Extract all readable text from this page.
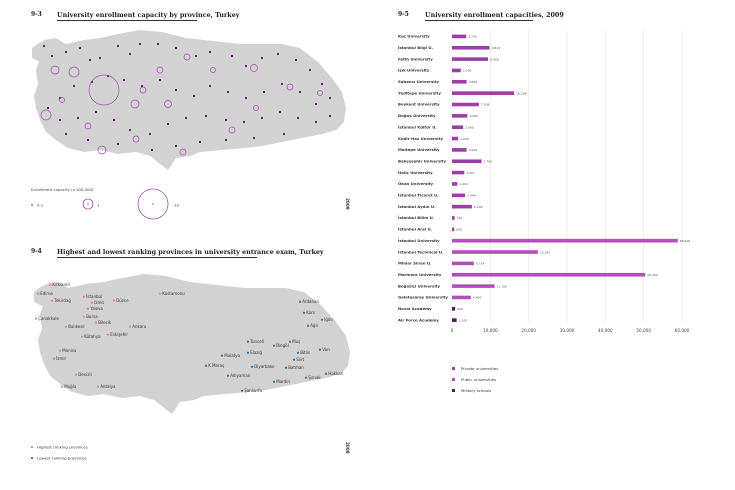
9-3 University enrollment capacity by province, Turkey
9-4 Highest and lowest ranking provinces in university entrance exam, Turkey
9-5	University enrollment capacities, 2009
Enrollment capacity (×100,000)
0.1	1	10	2009
Kırklareli
Edirne
İstanbul
Tekirdağ	İzmit	Düzce
Kastamonu
Yalova
Çanakkale	Bursa
Bilecik
Balıkesir	Ankara
Eskişehir
Kütahya
Manisa
İzmir
Denizli
Muğla	Antalya
Ardahan
Kars
Iğdır
Ağrı
Tunceli
Bingöl
Muş
Van
Bitlis
Elazığ
Siirt
Malatya
Diyarbakır	Batman
K.Maraş
Hakkari
Şırnak
Adıyaman
Mardin
Şanlıurfa
2008
Highest ranking provinces
Lowest ranking provinces
Koç University	3,700
İstanbul Bilgi U.	9,813
Fatih University	9,406
Işık University	2,306
Sabancı University	3,800
Yeditepe University	16,204
Beykent University	7,008
Doğuş University	4,000
İstanbul Kültür U.	2,900
Kadir Has University	1,600
Maltepe University	3,816
Bahçeşehir University	7,700
Haliç University	3,207
Okan University	1,400
İstanbul Ticaret U.	3,444
İstanbul Aydın U.	5,206
İstanbul Bilim U.	700
İstanbul Arel U.	600
İstanbul University	58,900
İstanbul Technical U.	22,391
Mimar Sinan U.	5,714
Marmara University	50,400
Boğaziçi University	11,100
Galatasaray University	4,900
Naval Academy	800
Air Force Academy	1,200
0	10,000	20,000	30,000	40,000	50,000	60,000
Private universities
Public universities
Military schools
